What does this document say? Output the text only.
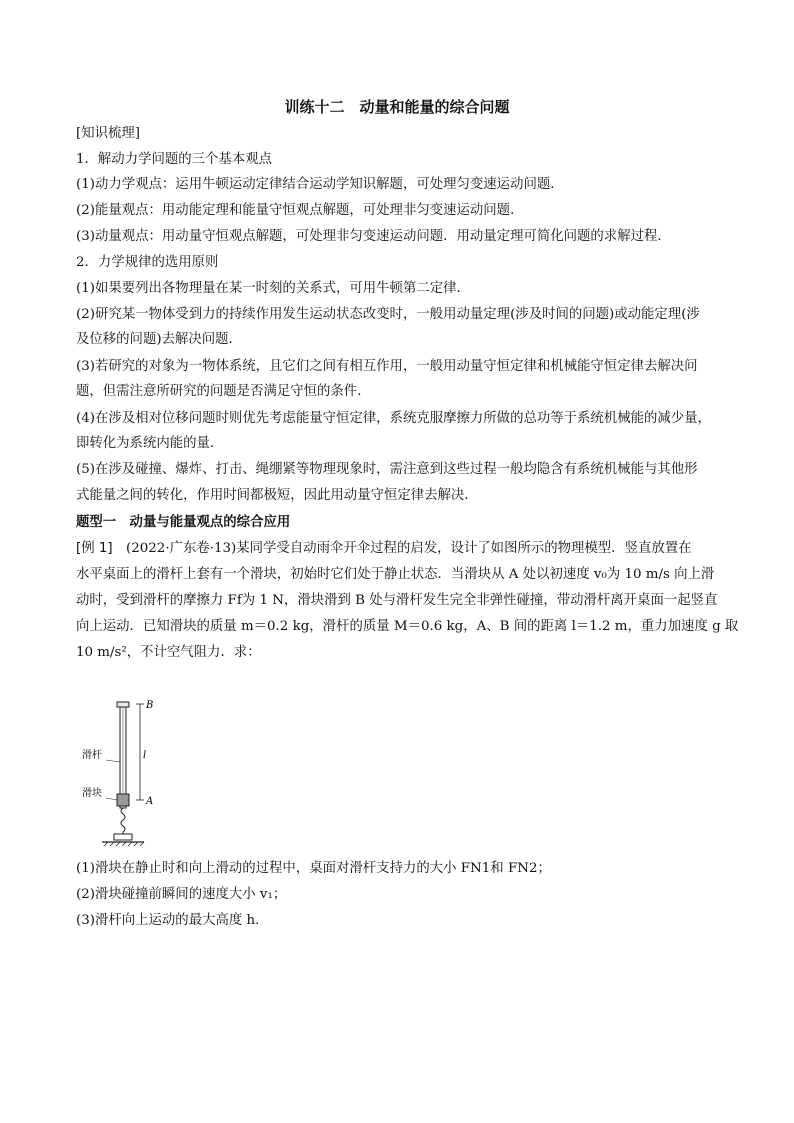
训练十二　动量和能量的综合问题
[知识梳理]
1．解动力学问题的三个基本观点
(1)动力学观点：运用牛顿运动定律结合运动学知识解题，可处理匀变速运动问题．
(2)能量观点：用动能定理和能量守恒观点解题，可处理非匀变速运动问题．
(3)动量观点：用动量守恒观点解题，可处理非匀变速运动问题．用动量定理可简化问题的求解过程．
2．力学规律的选用原则
(1)如果要列出各物理量在某一时刻的关系式，可用牛顿第二定律．
(2)研究某一物体受到力的持续作用发生运动状态改变时，一般用动量定理(涉及时间的问题)或动能定理(涉
及位移的问题)去解决问题．
(3)若研究的对象为一物体系统，且它们之间有相互作用，一般用动量守恒定律和机械能守恒定律去解决问
题，但需注意所研究的问题是否满足守恒的条件．
(4)在涉及相对位移问题时则优先考虑能量守恒定律，系统克服摩擦力所做的总功等于系统机械能的减少量，
即转化为系统内能的量．
(5)在涉及碰撞、爆炸、打击、绳绷紧等物理现象时，需注意到这些过程一般均隐含有系统机械能与其他形
式能量之间的转化，作用时间都极短，因此用动量守恒定律去解决．
题型一　动量与能量观点的综合应用
[例 1]　(2022·广东卷·13)某同学受自动雨伞开伞过程的启发，设计了如图所示的物理模型．竖直放置在
水平桌面上的滑杆上套有一个滑块，初始时它们处于静止状态．当滑块从 A 处以初速度 v₀为 10 m/s 向上滑
动时，受到滑杆的摩擦力 Ff为 1 N，滑块滑到 B 处与滑杆发生完全非弹性碰撞，带动滑杆离开桌面一起竖直
向上运动．已知滑块的质量 m＝0.2 kg，滑杆的质量 M＝0.6 kg，A、B 间的距离 l＝1.2 m，重力加速度 g 取
10 m/s²，不计空气阻力．求：
B
A
l
滑杆
滑块
(1)滑块在静止时和向上滑动的过程中，桌面对滑杆支持力的大小 FN1和 FN2；
(2)滑块碰撞前瞬间的速度大小 v₁；
(3)滑杆向上运动的最大高度 h.
